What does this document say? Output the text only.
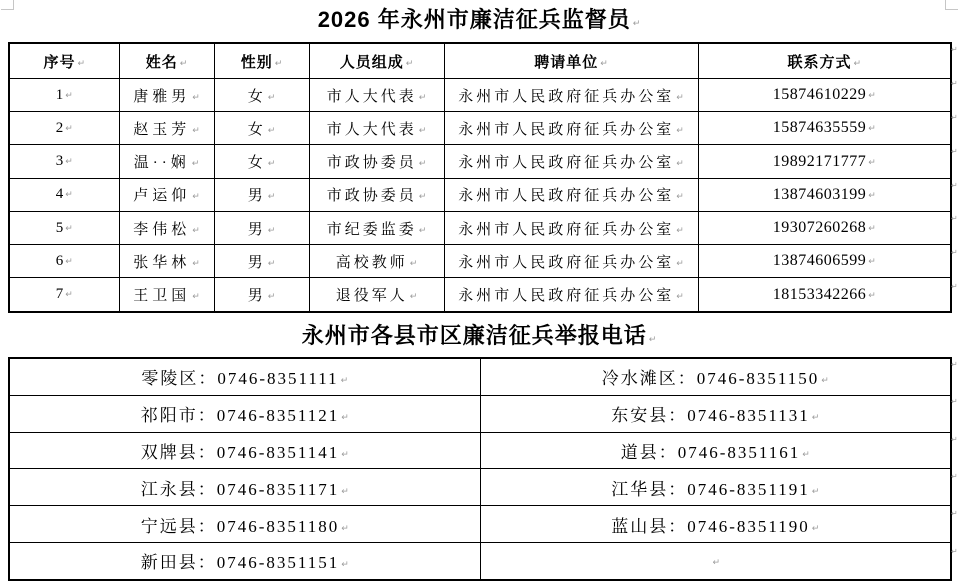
2026 年永州市廉洁征兵监督员 ↵
序号 ↵	姓名 ↵	性别 ↵	人员组成 ↵	聘请单位 ↵	联系方式 ↵
1 ↵	唐雅男 ↵	女 ↵	市人大代表 ↵	永州市人民政府征兵办公室 ↵	15874610229 ↵
2 ↵	赵玉芳 ↵	女 ↵	市人大代表 ↵	永州市人民政府征兵办公室 ↵	15874635559 ↵
3 ↵	温··娴 ↵	女 ↵	市政协委员 ↵	永州市人民政府征兵办公室 ↵	19892171777 ↵
4 ↵	卢运仰 ↵	男 ↵	市政协委员 ↵	永州市人民政府征兵办公室 ↵	13874603199 ↵
5 ↵	李伟松 ↵	男 ↵	市纪委监委 ↵	永州市人民政府征兵办公室 ↵	19307260268 ↵
6 ↵	张华林 ↵	男 ↵	高校教师 ↵	永州市人民政府征兵办公室 ↵	13874606599 ↵
7 ↵	王卫国 ↵	男 ↵	退役军人 ↵	永州市人民政府征兵办公室 ↵	18153342266 ↵
永州市各县市区廉洁征兵举报电话 ↵
零陵区：0746-8351111 ↵	冷水滩区：0746-8351150 ↵
祁阳市：0746-8351121 ↵	东安县：0746-8351131 ↵
双牌县：0746-8351141 ↵	道县：0746-8351161 ↵
江永县：0746-8351171 ↵	江华县：0746-8351191 ↵
宁远县：0746-8351180 ↵	蓝山县：0746-8351190 ↵
新田县：0746-8351151 ↵	↵
↵
↵
↵
↵
↵
↵
↵
↵
↵
↵
↵
↵
↵
↵
